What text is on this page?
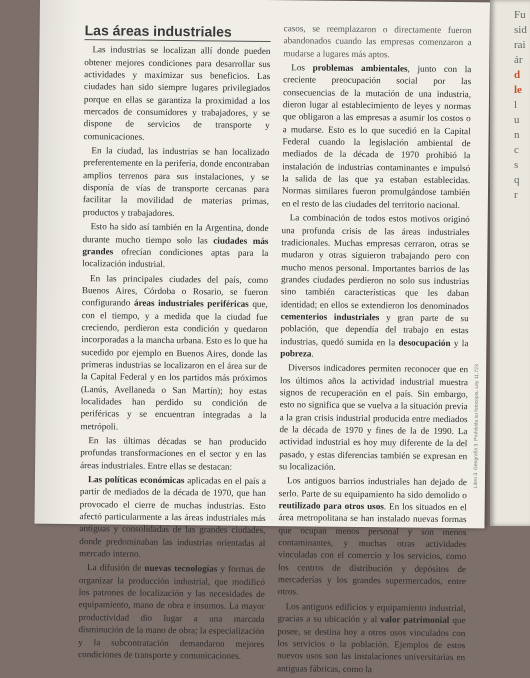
Las áreas industriales

Las industrias se localizan allí donde pueden obtener mejores condiciones para desarrollar sus actividades y maximizar sus beneficios. Las ciudades han sido siempre lugares privilegiados porque en ellas se garantiza la proximidad a los mercados de consumidores y trabajadores, y se dispone de servicios de transporte y comunicaciones.

En la ciudad, las industrias se han localizado preferentemente en la periferia, donde encontraban amplios terrenos para sus instalaciones, y se disponía de vías de transporte cercanas para facilitar la movilidad de materias primas, productos y trabajadores.

Esto ha sido así también en la Argentina, donde durante mucho tiempo solo las ciudades más grandes ofrecían condiciones aptas para la localización industrial.

En las principales ciudades del país, como Buenos Aires, Córdoba o Rosario, se fueron configurando áreas industriales periféricas que, con el tiempo, y a medida que la ciudad fue creciendo, perdieron esta condición y quedaron incorporadas a la mancha urbana. Esto es lo que ha sucedido por ejemplo en Buenos Aires, donde las primeras industrias se localizaron en el área sur de la Capital Federal y en los partidos más próximos (Lanús, Avellaneda o San Martín); hoy estas localidades han perdido su condición de periféricas y se encuentran integradas a la metrópoli.

En las últimas décadas se han producido profundas transformaciones en el sector y en las áreas industriales. Entre ellas se destacan:

Las políticas económicas aplicadas en el país a partir de mediados de la década de 1970, que han provocado el cierre de muchas industrias. Esto afectó particularmente a las áreas industriales más antiguas y consolidadas de las grandes ciudades, donde predominaban las industrias orientadas al mercado interno.

La difusión de nuevas tecnologías y formas de organizar la producción industrial, que modificó los patrones de localización y las necesidades de equipamiento, mano de obra e insumos. La mayor productividad dio lugar a una marcada disminución de la mano de obra; la especialización y la subcontratación demandaron mejores condiciones de transporte y comunicaciones.

casos, se reemplazaron o directamente fueron abandonados cuando las empresas comenzaron a mudarse a lugares más aptos.

Los problemas ambientales, junto con la creciente preocupación social por las consecuencias de la mutación de una industria, dieron lugar al establecimiento de leyes y normas que obligaron a las empresas a asumir los costos o a mudarse. Esto es lo que sucedió en la Capital Federal cuando la legislación ambiental de mediados de la década de 1970 prohibió la instalación de industrias contaminantes e impulsó la salida de las que ya estaban establecidas. Normas similares fueron promulgándose también en el resto de las ciudades del territorio nacional.

La combinación de todos estos motivos originó una profunda crisis de las áreas industriales tradicionales. Muchas empresas cerraron, otras se mudaron y otras siguieron trabajando pero con mucho menos personal. Importantes barrios de las grandes ciudades perdieron no solo sus industrias sino también características que les daban identidad; en ellos se extendieron los denominados cementerios industriales y gran parte de su población, que dependía del trabajo en estas industrias, quedó sumida en la desocupación y la pobreza.

Diversos indicadores permiten reconocer que en los últimos años la actividad industrial muestra signos de recuperación en el país. Sin embargo, esto no significa que se vuelva a la situación previa a la gran crisis industrial producida entre mediados de la década de 1970 y fines de la de 1990. La actividad industrial es hoy muy diferente de la del pasado, y estas diferencias también se expresan en su localización.

Los antiguos barrios industriales han dejado de serlo. Parte de su equipamiento ha sido demolido o reutilizado para otros usos. En los situados en el área metropolitana se han instalado nuevas formas que ocupan menos personal y son menos contaminantes, y muchas otras actividades vinculadas con el comercio y los servicios, como los centros de distribución y depósitos de mercaderías y los grandes supermercados, entre otros.

Los antiguos edificios y equipamiento industrial, gracias a su ubicación y al valor patrimonial que posee, se destina hoy a otros usos vinculados con los servicios o la población. Ejemplos de estos nuevos usos son las instalaciones universitarias en antiguas fábricas, como la

Libro 3. Geografía 3. Prohibida su fotocopia. Ley 11.723
Fu
sid
rai
ár
d
le
l
u
n
c
s
q
r
